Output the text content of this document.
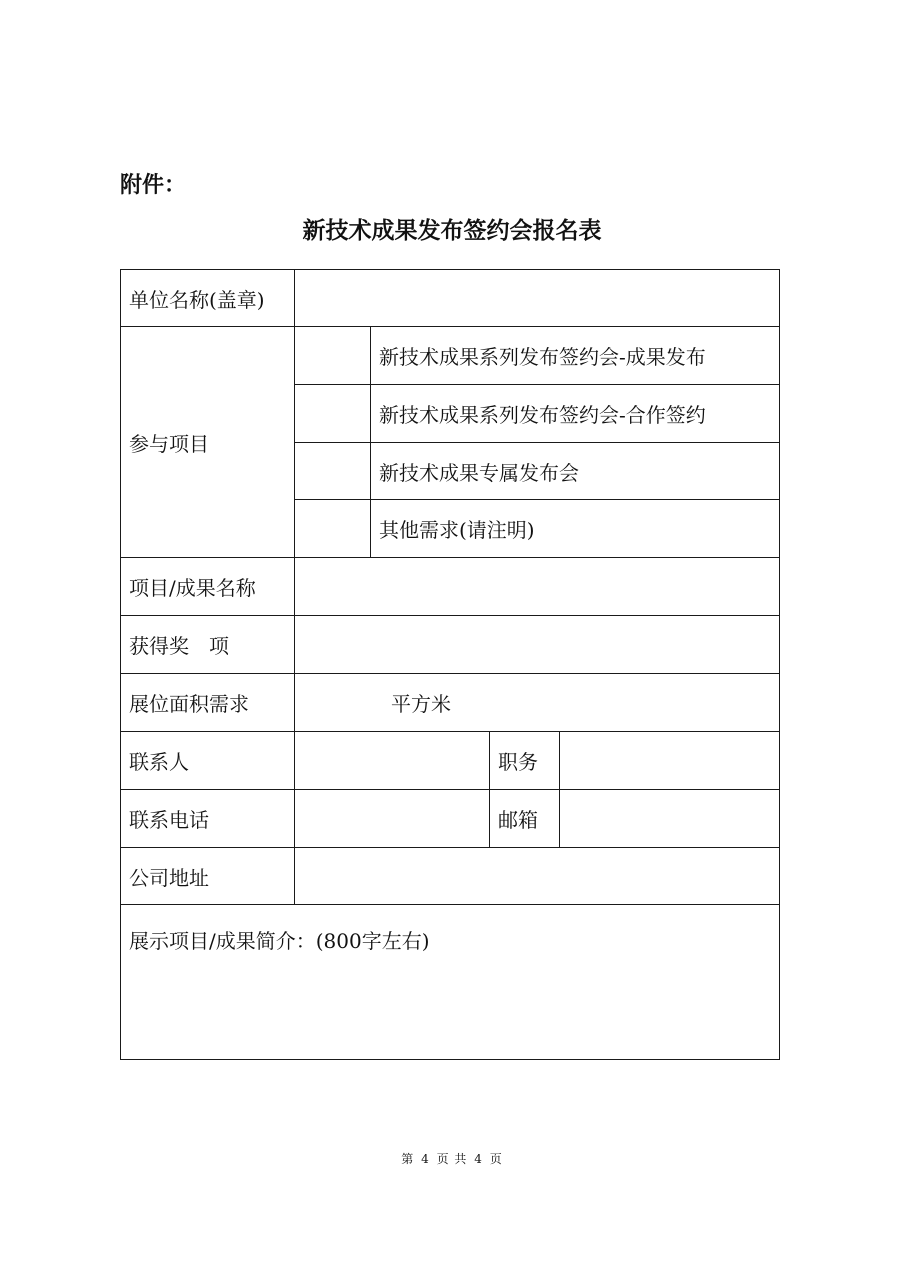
附件：
新技术成果发布签约会报名表
单位名称(盖章)				
参与项目		新技术成果系列发布签约会-成果发布		
		新技术成果系列发布签约会-合作签约		
		新技术成果专属发布会		
		其他需求(请注明)		
项目/成果名称				
获得奖　项				
展位面积需求	平方米			
联系人			职务	
联系电话			邮箱	
公司地址				
展示项目/成果简介：(800字左右)				
第 4 页 共 4 页
